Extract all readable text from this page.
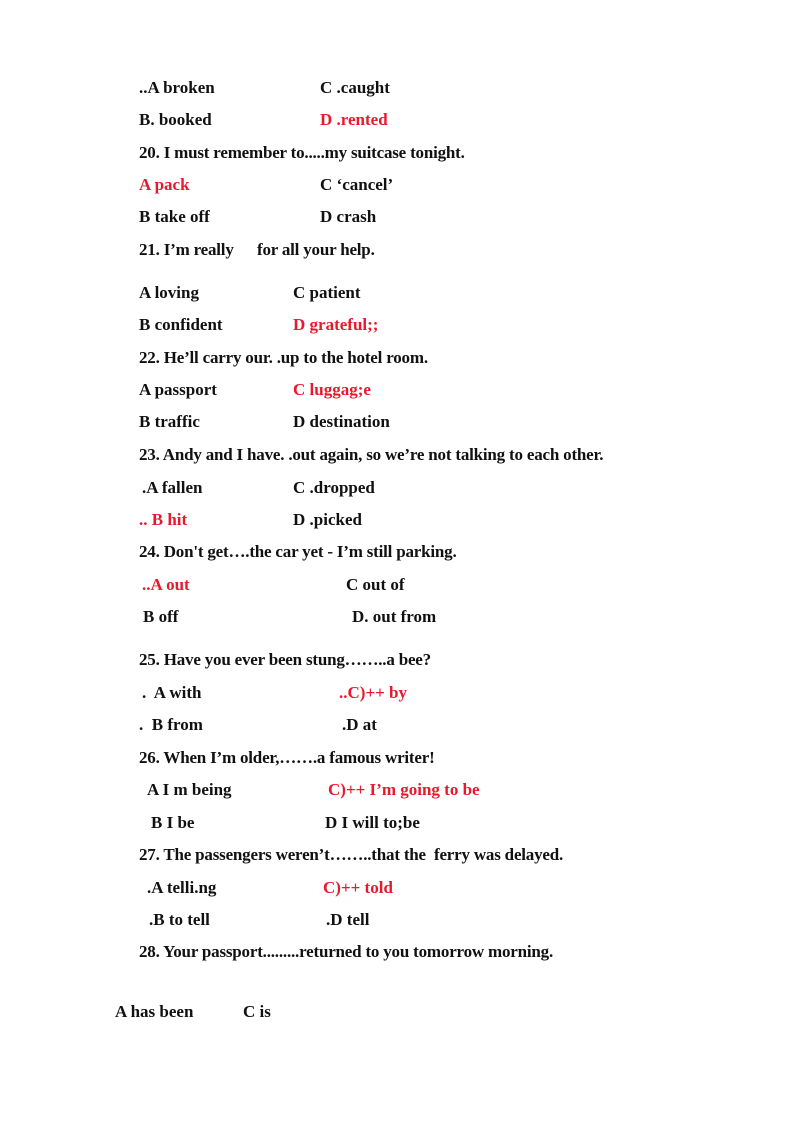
..A broken	C .caught
B. booked	D .rented
20. I must remember to.....my suitcase tonight.
A pack	C ‘cancel’
B take off	D crash
21. I’m really for all your help.
A loving	C patient
B confident	D grateful;;
22. He’ll carry our. .up to the hotel room.
A passport	C luggag;e
B traffic	D destination
23. Andy and I have. .out again, so we’re not talking to each other.
.A fallen	C .dropped
.. B hit	D .picked
24. Don't get….the car yet - I’m still parking.
..A out	C out of
B off	D. out from
25. Have you ever been stung……..a bee?
.  A with	..C)++ by
.  B from	.D at
26. When I’m older,…….a famous writer!
A I m being	C)++ I’m going to be
B I be	D I will to;be
27. The passengers weren’t……..that the  ferry was delayed.
.A telli.ng	C)++ told
.B to tell	.D tell
28. Your passport.........returned to you tomorrow morning.
A has been	C is
